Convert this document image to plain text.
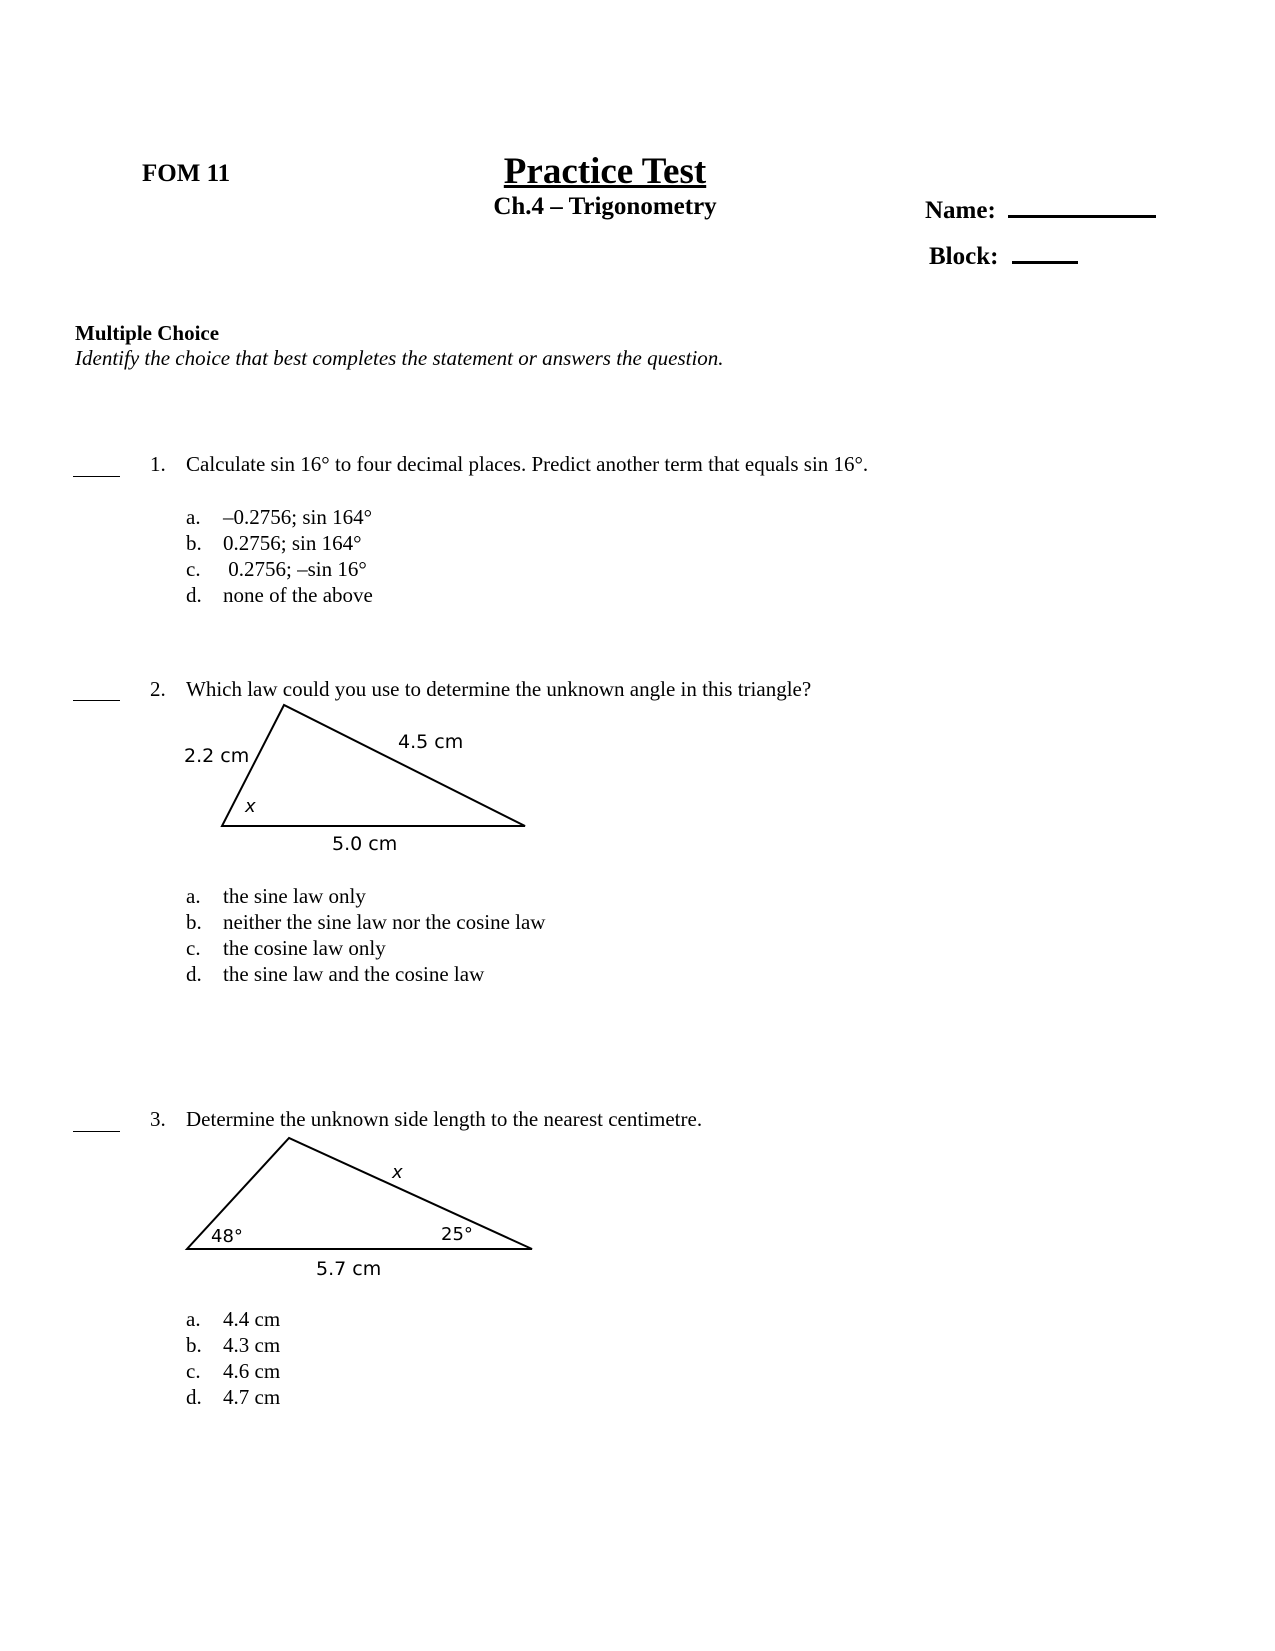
FOM 11	Practice Test
Ch.4 – Trigonometry	Name:
Block:
Multiple Choice
Identify the choice that best completes the statement or answers the question.
1. Calculate sin 16° to four decimal places. Predict another term that equals sin 16°.
a. –0.2756; sin 164°
b. 0.2756; sin 164°
c. 0.2756; –sin 16°
d. none of the above
2. Which law could you use to determine the unknown angle in this triangle?
2.2 cm
4.5 cm
5.0 cm
x
a. the sine law only
b. neither the sine law nor the cosine law
c. the cosine law only
d. the sine law and the cosine law
3. Determine the unknown side length to the nearest centimetre.
x
48°	25°
5.7 cm
a. 4.4 cm
b. 4.3 cm
c. 4.6 cm
d. 4.7 cm
